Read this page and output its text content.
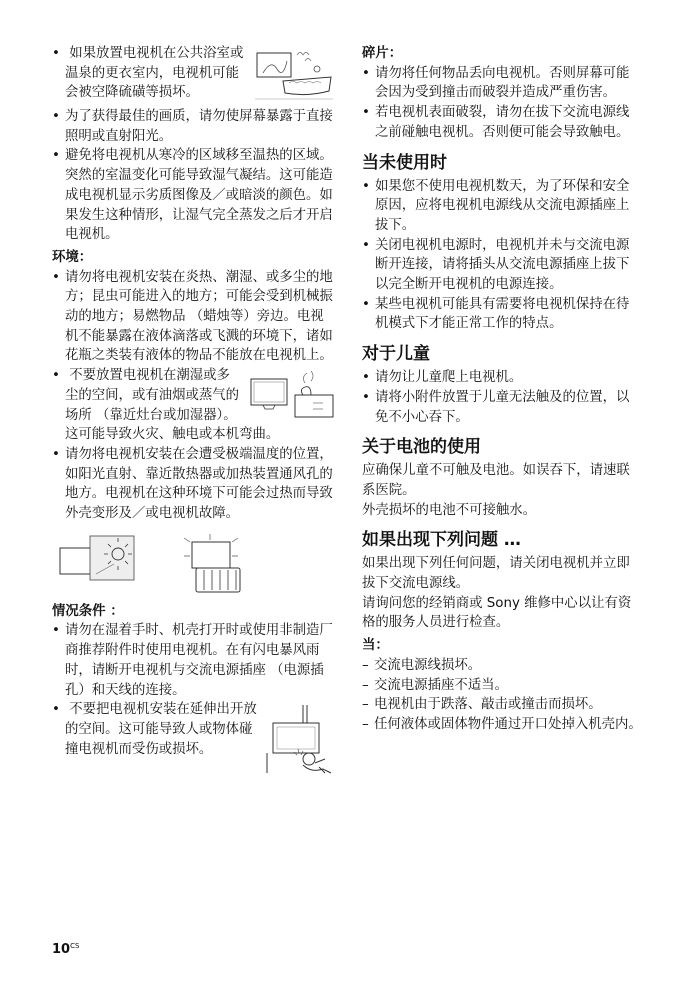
• 如果放置电视机在公共浴室或温泉的更衣室内，电视机可能会被空降硫磺等损坏。

• 为了获得最佳的画质，请勿使屏幕暴露于直接照明或直射阳光。

• 避免将电视机从寒冷的区域移至温热的区域。突然的室温变化可能导致湿气凝结。这可能造成电视机显示劣质图像及／或暗淡的颜色。如果发生这种情形，让湿气完全蒸发之后才开启电视机。

环境：

• 请勿将电视机安装在炎热、潮湿、或多尘的地方；昆虫可能进入的地方；可能会受到机械振动的地方；易燃物品 （蜡烛等）旁边。电视机不能暴露在液体滴落或飞溅的环境下，诸如花瓶之类装有液体的物品不能放在电视机上。

• 不要放置电视机在潮湿或多尘的空间，或有油烟或蒸气的场所 （靠近灶台或加湿器）。这可能导致火灾、触电或本机弯曲。

• 请勿将电视机安装在会遭受极端温度的位置，如阳光直射、靠近散热器或加热装置通风孔的地方。电视机在这种环境下可能会过热而导致外壳变形及／或电视机故障。

情况条件 ：

• 请勿在湿着手时、机壳打开时或使用非制造厂商推荐附件时使用电视机。在有闪电暴风雨时，请断开电视机与交流电源插座 （电源插孔）和天线的连接。

• 不要把电视机安装在延伸出开放的空间。这可能导致人或物体碰撞电视机而受伤或损坏。

碎片：

• 请勿将任何物品丢向电视机。否则屏幕可能会因为受到撞击而破裂并造成严重伤害。

• 若电视机表面破裂，请勿在拔下交流电源线之前碰触电视机。否则便可能会导致触电。

当未使用时

• 如果您不使用电视机数天，为了环保和安全原因，应将电视机电源线从交流电源插座上拔下。

• 关闭电视机电源时，电视机并未与交流电源断开连接，请将插头从交流电源插座上拔下以完全断开电视机的电源连接。

• 某些电视机可能具有需要将电视机保持在待机模式下才能正常工作的特点。

对于儿童

• 请勿让儿童爬上电视机。

• 请将小附件放置于儿童无法触及的位置，以免不小心吞下。

关于电池的使用

应确保儿童不可触及电池。如误吞下，请速联系医院。

外壳损坏的电池不可接触水。

如果出现下列问题 …

如果出现下列任何问题，请关闭电视机并立即拔下交流电源线。

请询问您的经销商或 Sony 维修中心以让有资格的服务人员进行检查。

当：

– 交流电源线损坏。

– 交流电源插座不适当。

– 电视机由于跌落、敲击或撞击而损坏。

– 任何液体或固体物件通过开口处掉入机壳内。

$10^{CS}$
